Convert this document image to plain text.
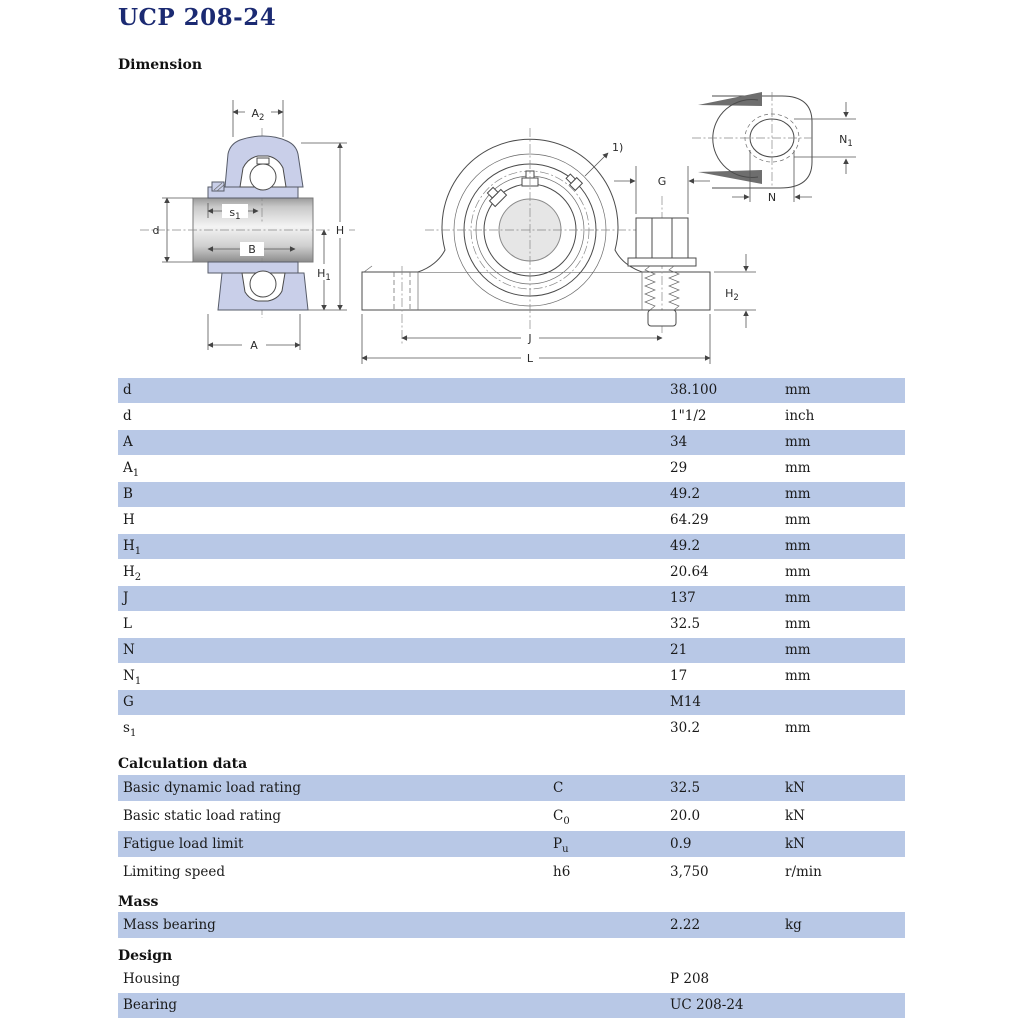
UCP 208-24
Dimension
$A_2$
$s_1$
d
B
A
H
$H_1$
1)
G
J
L
$H_2$
N
$N_1$
d	38.100	mm
d	1"1/2	inch
A	34	mm
$A_1$	29	mm
B	49.2	mm
H	64.29	mm
$H_1$	49.2	mm
$H_2$	20.64	mm
J	137	mm
L	32.5	mm
N	21	mm
$N_1$	17	mm
G	M14
$s_1$	30.2	mm
Calculation data
Basic dynamic load rating	C	32.5	kN
Basic static load rating	$C_0$	20.0	kN
Fatigue load limit	$P_u$	0.9	kN
Limiting speed	h6	3,750	r/min
Mass
Mass bearing	2.22	kg
Design
Housing	P 208
Bearing	UC 208-24
